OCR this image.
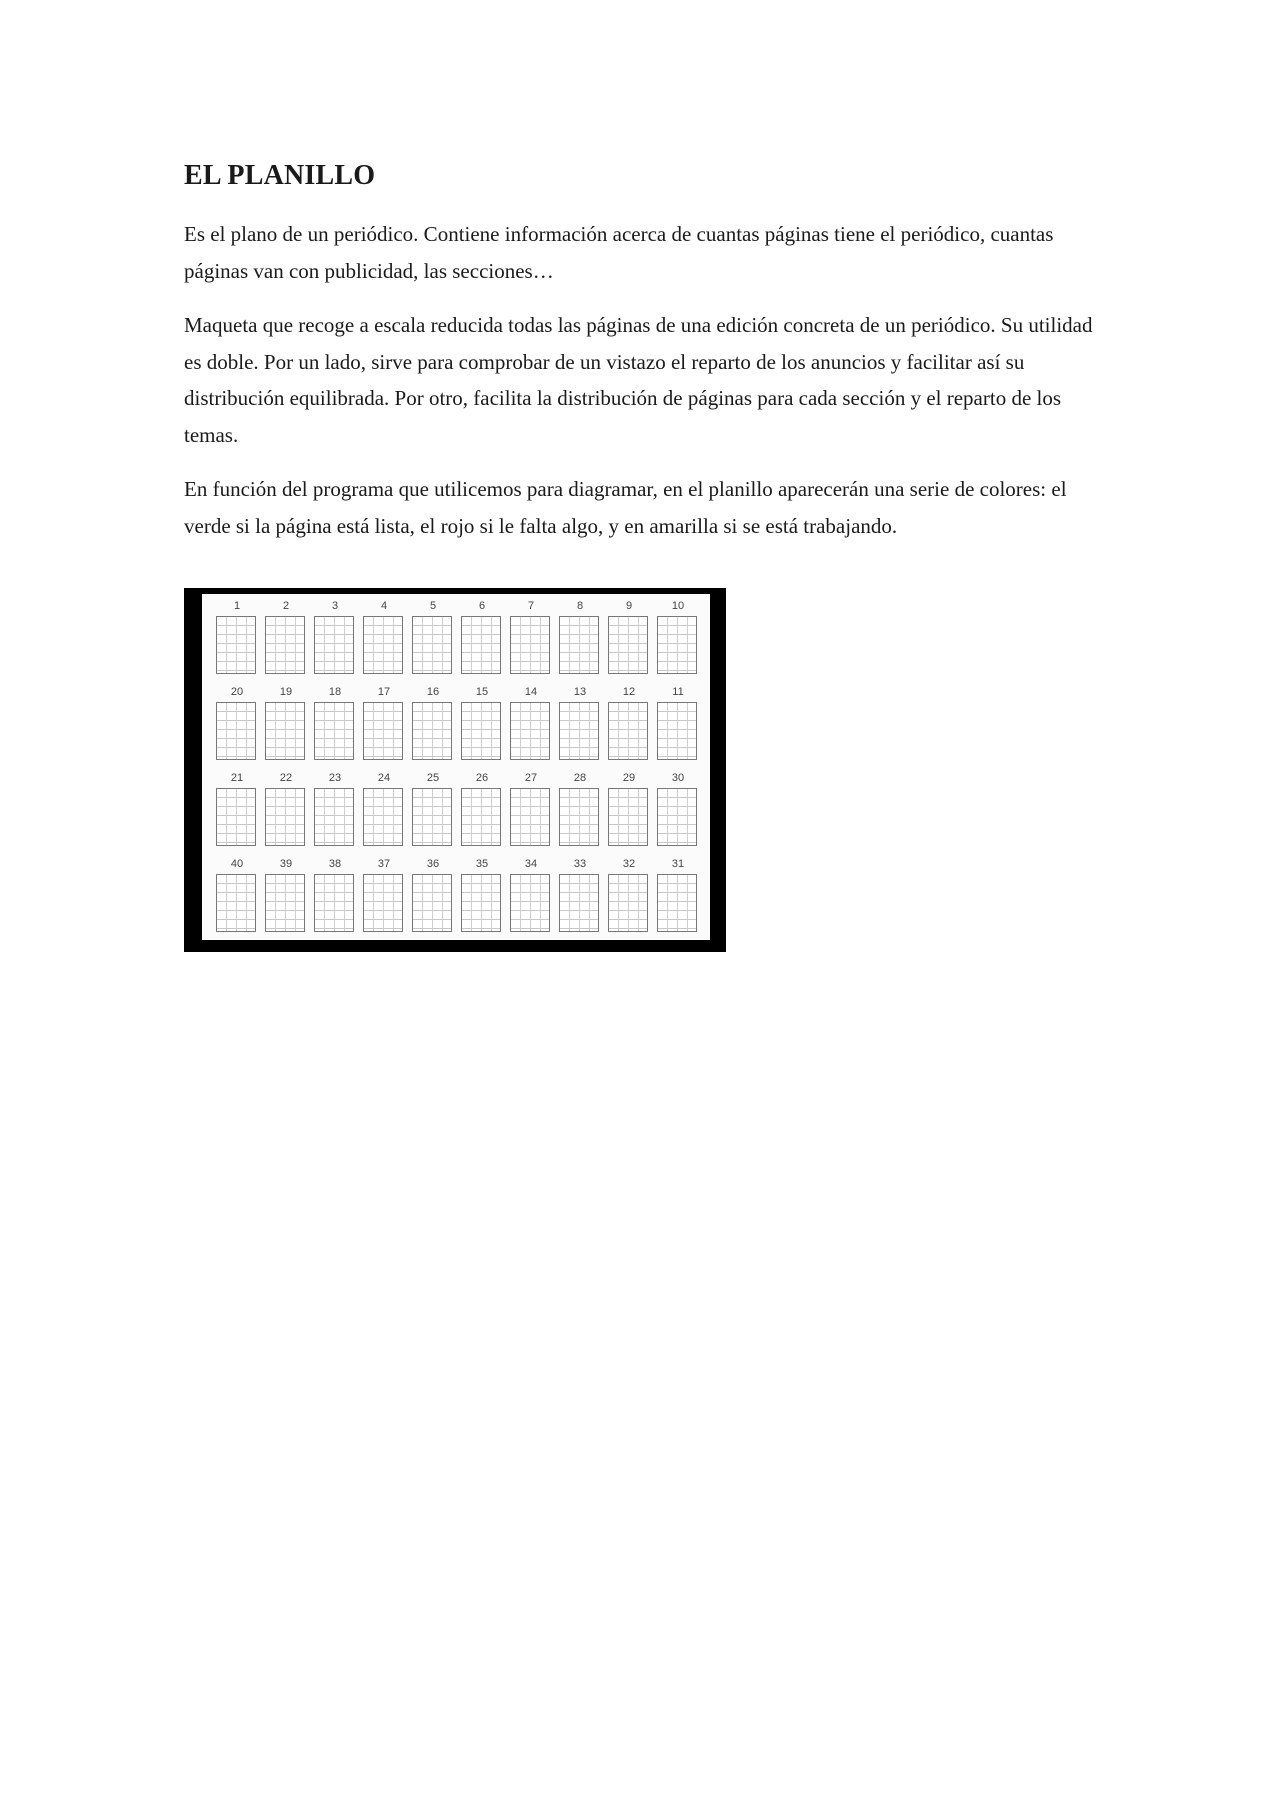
EL PLANILLO

Es el plano de un periódico. Contiene información acerca de cuantas páginas tiene el periódico, cuantas páginas van con publicidad, las secciones…

Maqueta que recoge a escala reducida todas las páginas de una edición concreta de un periódico. Su utilidad es doble. Por un lado, sirve para comprobar de un vistazo el reparto de los anuncios y facilitar así su distribución equilibrada. Por otro, facilita la distribución de páginas para cada sección y el reparto de los temas.

En función del programa que utilicemos para diagramar, en el planillo aparecerán una serie de colores: el verde si la página está lista, el rojo si le falta algo, y en amarilla si se está trabajando.

1	2	3	4	5	6	7	8	9	10
20	19	18	17	16	15	14	13	12	11
21	22	23	24	25	26	27	28	29	30
40	39	38	37	36	35	34	33	32	31
